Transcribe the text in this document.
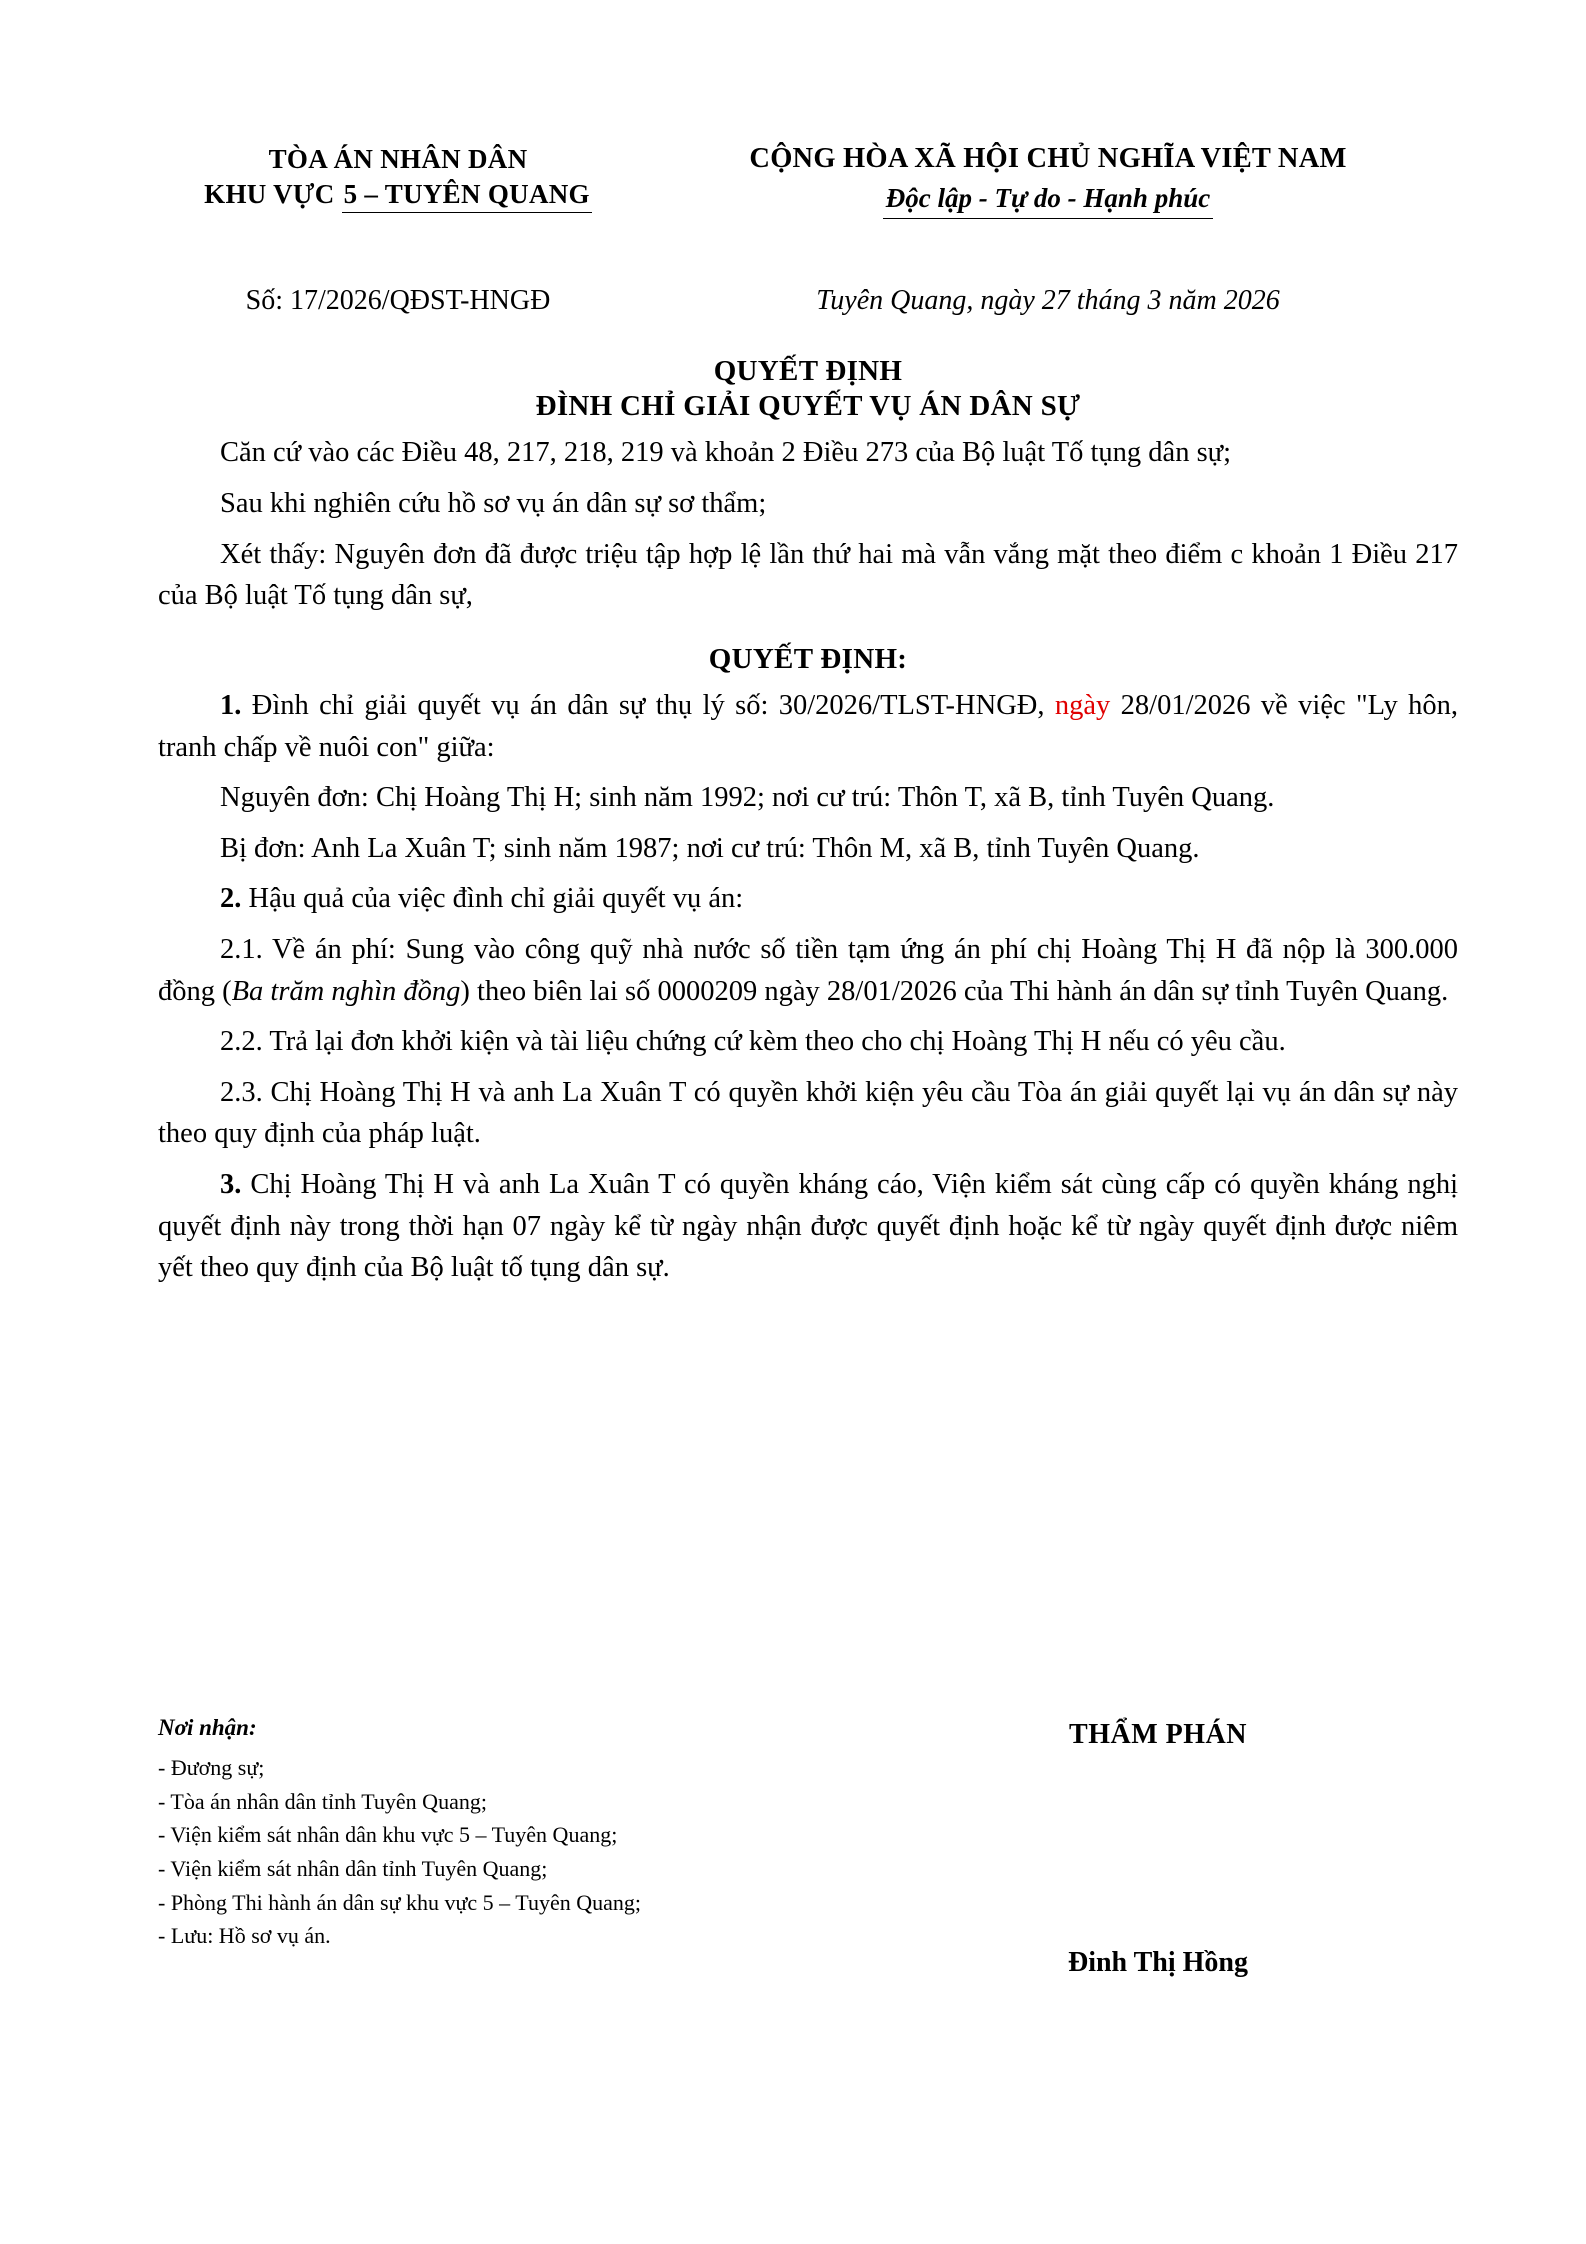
TÒA ÁN NHÂN DÂN
KHU VỰC 5 – TUYÊN QUANG
CỘNG HÒA XÃ HỘI CHỦ NGHĨA VIỆT NAM
Độc lập - Tự do - Hạnh phúc
Số: 17/2026/QĐST-HNGĐ	Tuyên Quang, ngày 27 tháng 3 năm 2026
QUYẾT ĐỊNH
ĐÌNH CHỈ GIẢI QUYẾT VỤ ÁN DÂN SỰ

Căn cứ vào các Điều 48, 217, 218, 219 và khoản 2 Điều 273 của Bộ luật Tố tụng dân sự;

Sau khi nghiên cứu hồ sơ vụ án dân sự sơ thẩm;

Xét thấy: Nguyên đơn đã được triệu tập hợp lệ lần thứ hai mà vẫn vắng mặt theo điểm c khoản 1 Điều 217 của Bộ luật Tố tụng dân sự,

QUYẾT ĐỊNH:

1. Đình chỉ giải quyết vụ án dân sự thụ lý số: 30/2026/TLST-HNGĐ, ngày 28/01/2026 về việc "Ly hôn, tranh chấp về nuôi con" giữa:

Nguyên đơn: Chị Hoàng Thị H; sinh năm 1992; nơi cư trú: Thôn T, xã B, tỉnh Tuyên Quang.

Bị đơn: Anh La Xuân T; sinh năm 1987; nơi cư trú: Thôn M, xã B, tỉnh Tuyên Quang.

2. Hậu quả của việc đình chỉ giải quyết vụ án:

2.1. Về án phí: Sung vào công quỹ nhà nước số tiền tạm ứng án phí chị Hoàng Thị H đã nộp là 300.000 đồng (Ba trăm nghìn đồng) theo biên lai số 0000209 ngày 28/01/2026 của Thi hành án dân sự tỉnh Tuyên Quang.

2.2. Trả lại đơn khởi kiện và tài liệu chứng cứ kèm theo cho chị Hoàng Thị H nếu có yêu cầu.

2.3. Chị Hoàng Thị H và anh La Xuân T có quyền khởi kiện yêu cầu Tòa án giải quyết lại vụ án dân sự này theo quy định của pháp luật.

3. Chị Hoàng Thị H và anh La Xuân T có quyền kháng cáo, Viện kiểm sát cùng cấp có quyền kháng nghị quyết định này trong thời hạn 07 ngày kể từ ngày nhận được quyết định hoặc kể từ ngày quyết định được niêm yết theo quy định của Bộ luật tố tụng dân sự.

Nơi nhận:
- Đương sự;
- Tòa án nhân dân tỉnh Tuyên Quang;
- Viện kiểm sát nhân dân khu vực 5 – Tuyên Quang;
- Viện kiểm sát nhân dân tỉnh Tuyên Quang;
- Phòng Thi hành án dân sự khu vực 5 – Tuyên Quang;
- Lưu: Hồ sơ vụ án.
THẨM PHÁN
Đinh Thị Hồng
